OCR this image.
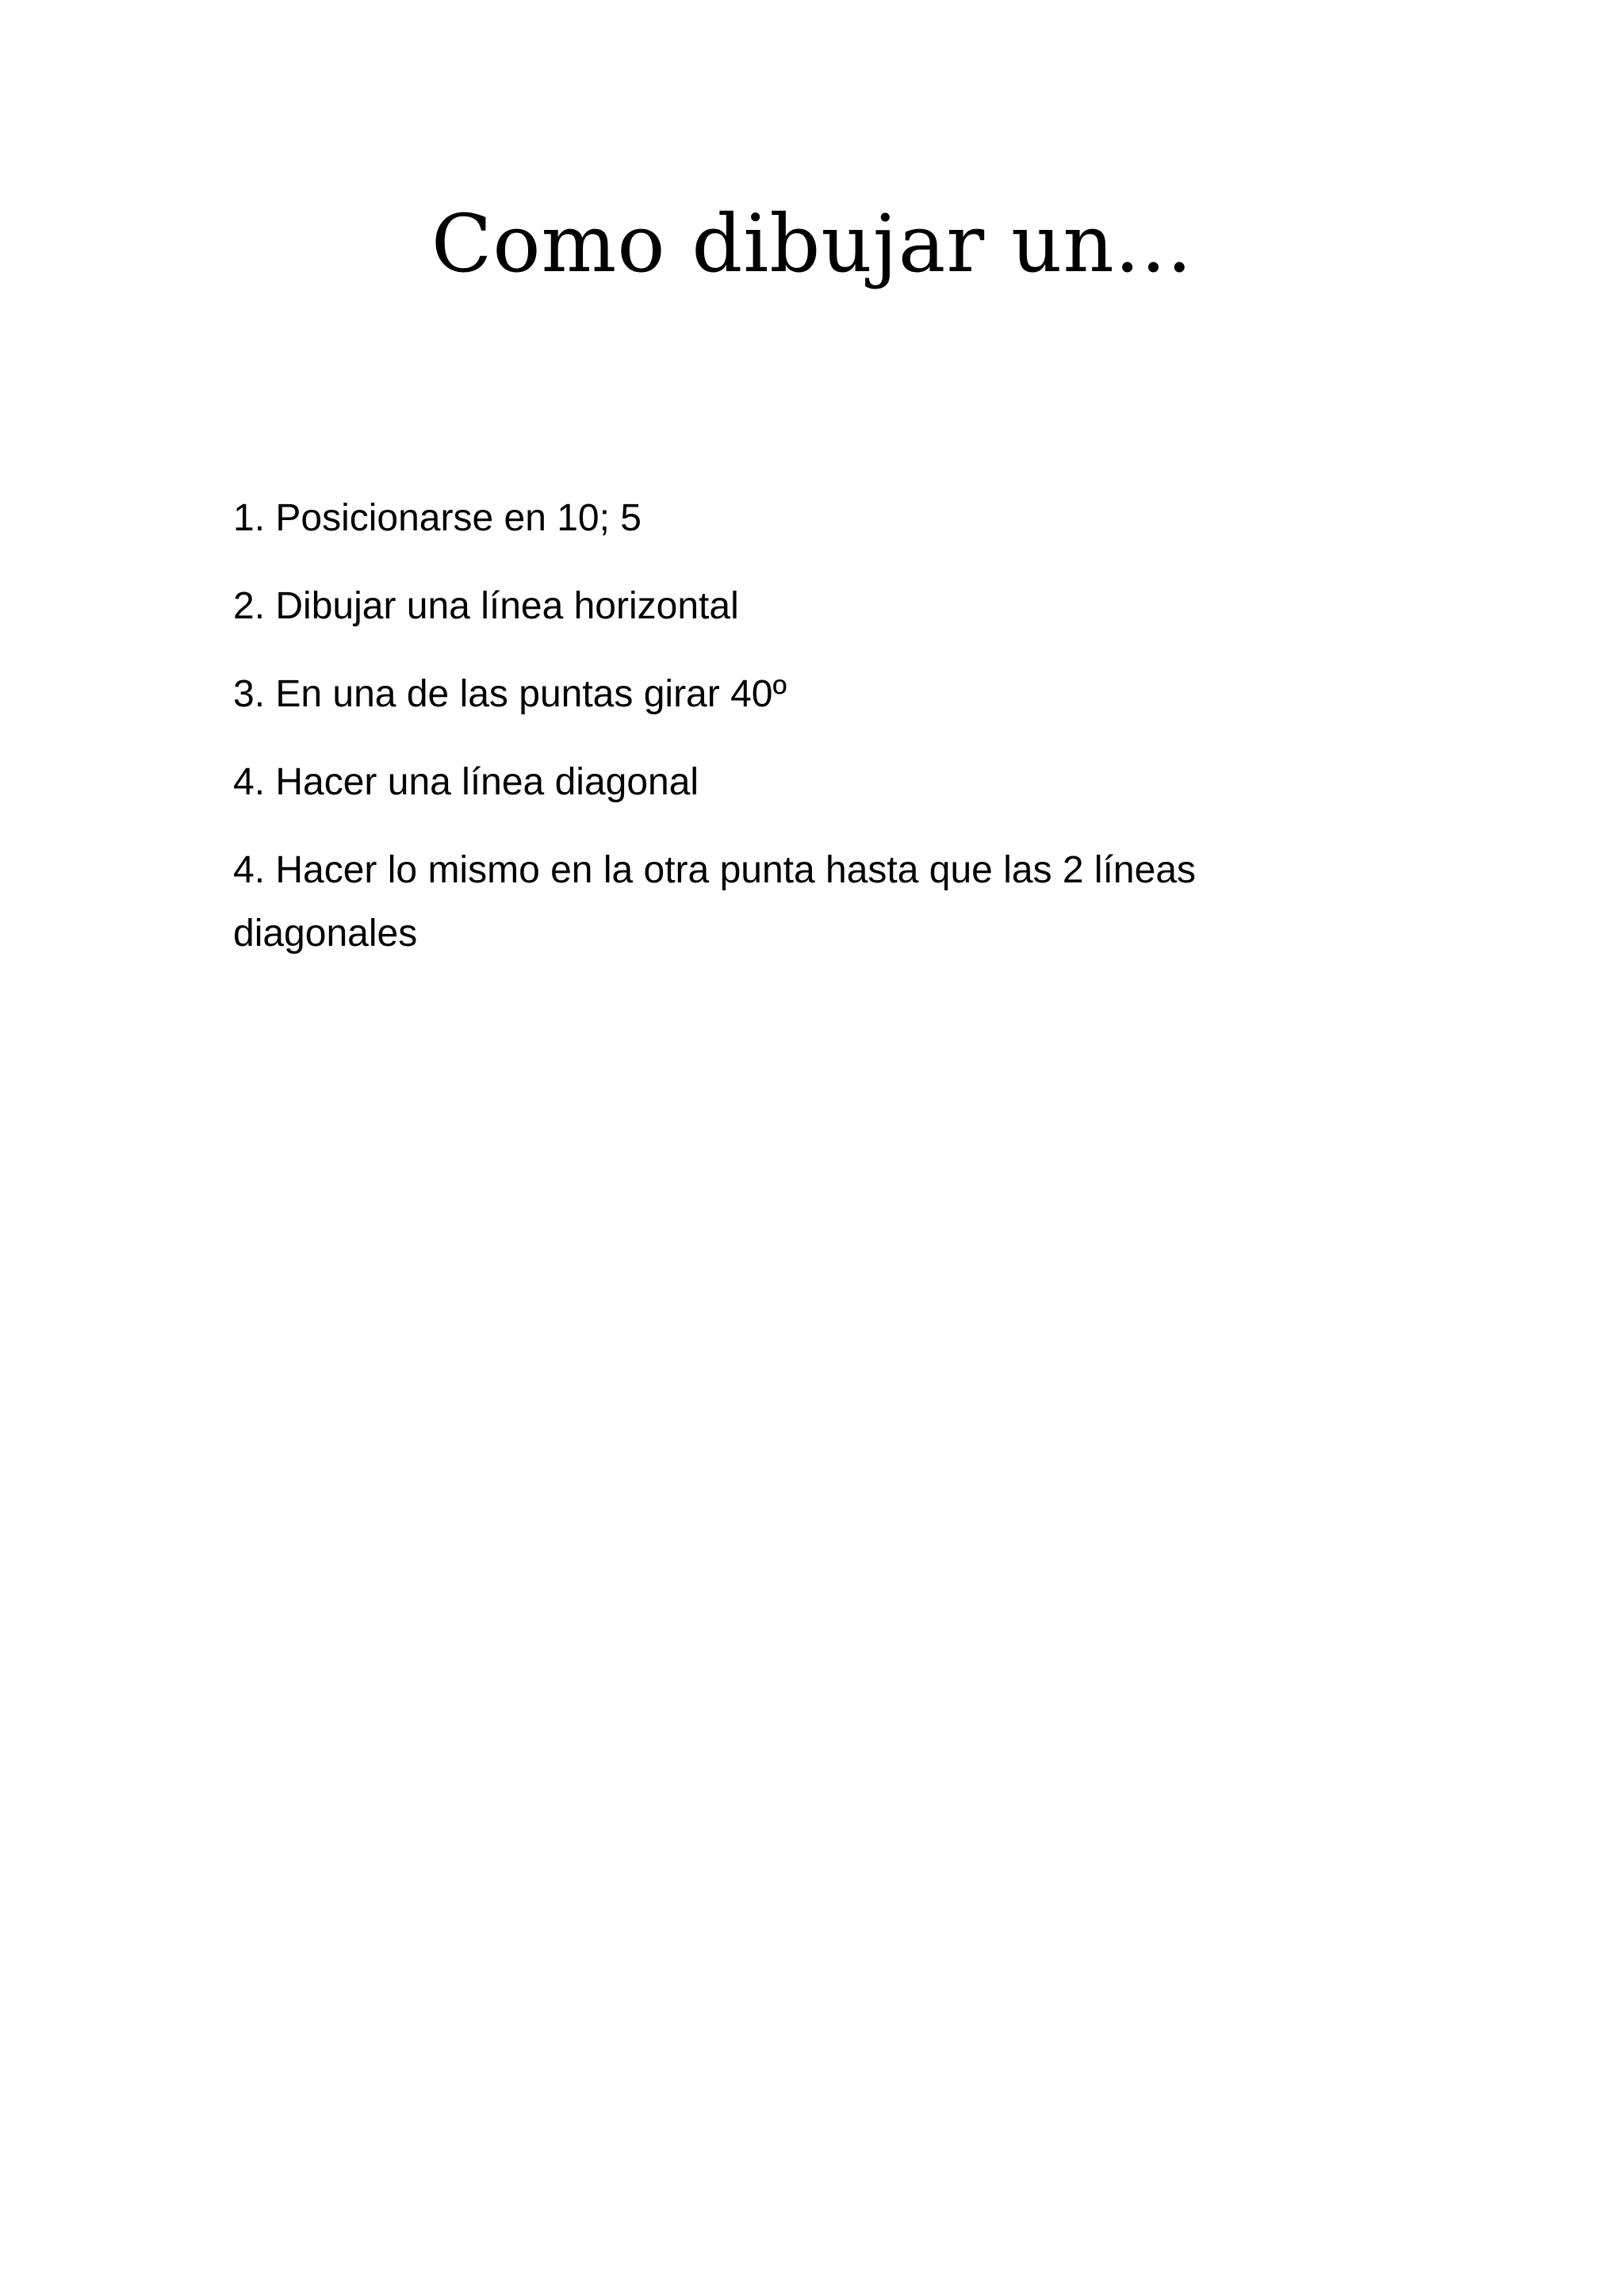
Como dibujar un...
1. Posicionarse en 10; 5
2. Dibujar una línea horizontal
3. En una de las puntas girar 40º
4. Hacer una línea diagonal
4. Hacer lo mismo en la otra punta hasta que las 2 líneas diagonales
